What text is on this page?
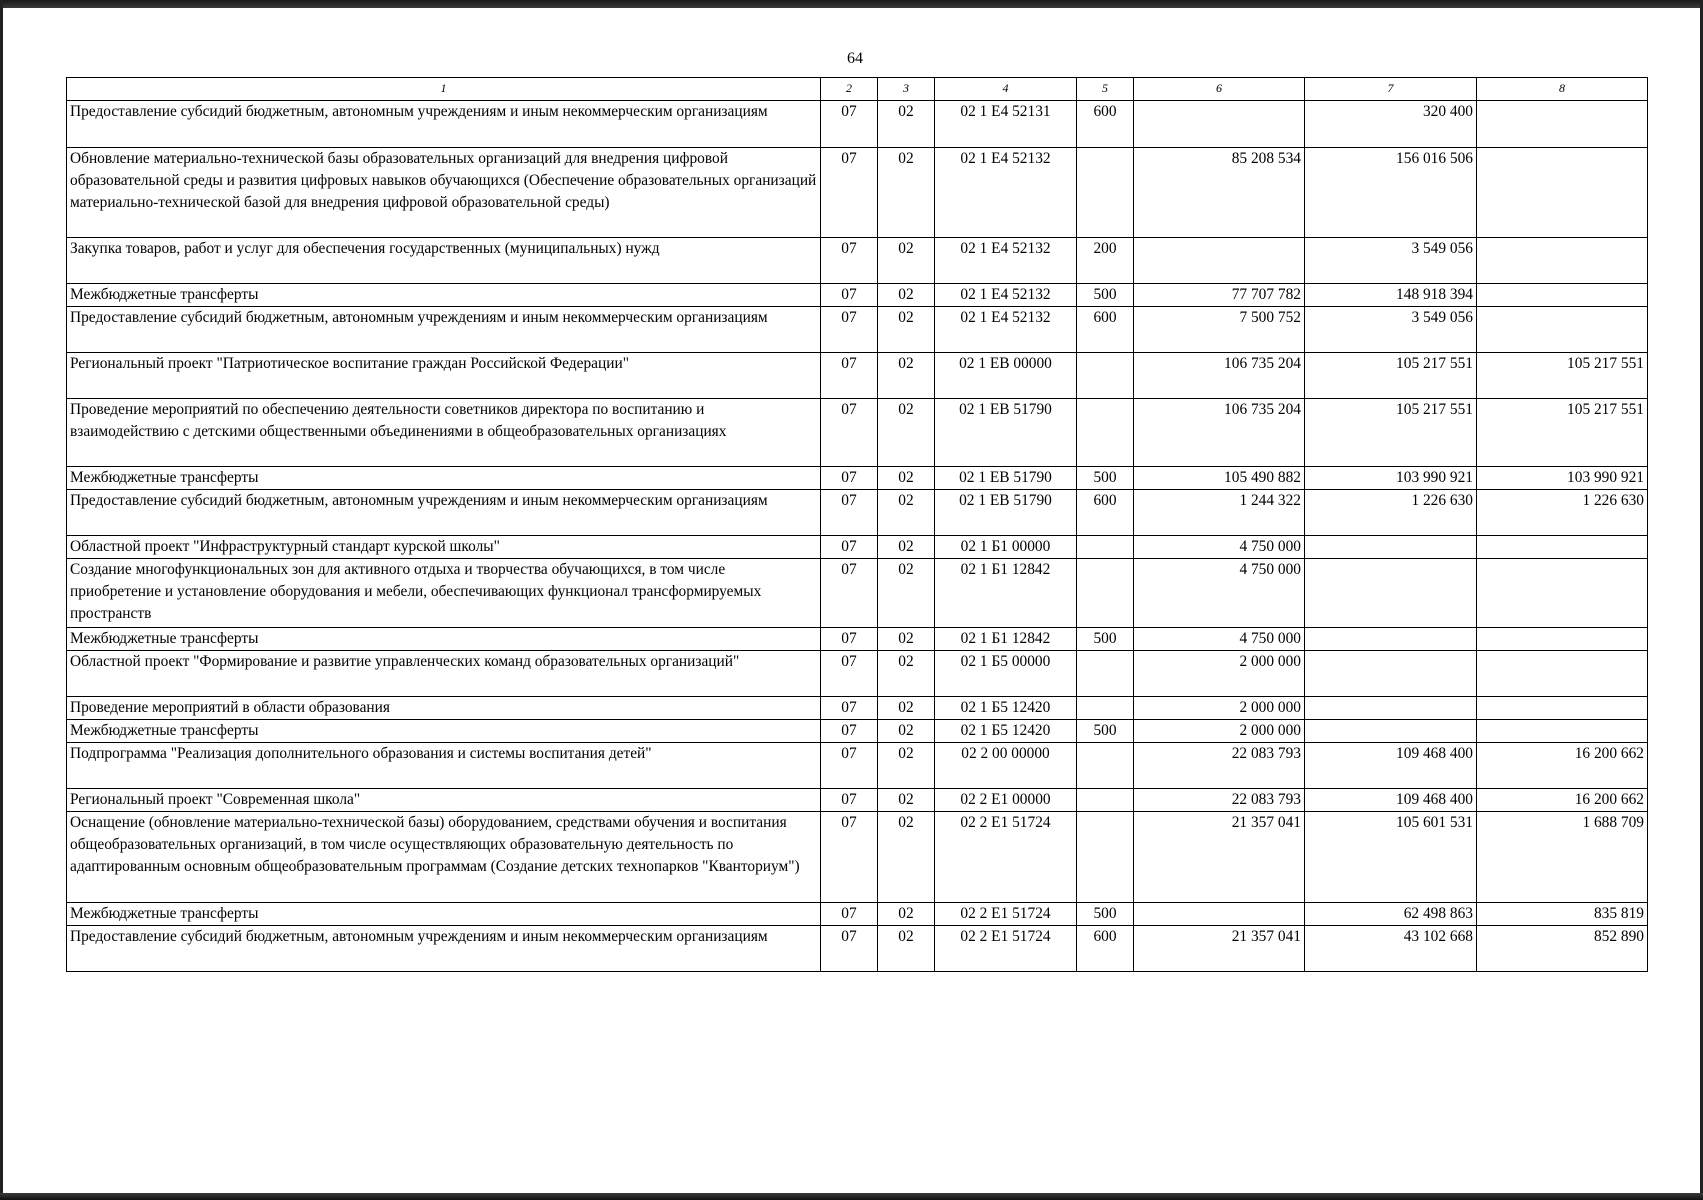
64
1	2	3	4	5	6	7	8
Предоставление субсидий бюджетным, автономным учреждениям и иным некоммерческим организациям	07	02	02 1 Е4 52131	600		320 400	
Обновление материально-технической базы образовательных организаций для внедрения цифровой образовательной среды и развития цифровых навыков обучающихся (Обеспечение образовательных организаций материально-технической базой для внедрения цифровой образовательной среды)	07	02	02 1 Е4 52132		85 208 534	156 016 506	
Закупка товаров, работ и услуг для обеспечения государственных (муниципальных) нужд	07	02	02 1 Е4 52132	200		3 549 056	
Межбюджетные трансферты	07	02	02 1 Е4 52132	500	77 707 782	148 918 394	
Предоставление субсидий бюджетным, автономным учреждениям и иным некоммерческим организациям	07	02	02 1 Е4 52132	600	7 500 752	3 549 056	
Региональный проект "Патриотическое воспитание граждан Российской Федерации"	07	02	02 1 ЕВ 00000		106 735 204	105 217 551	105 217 551
Проведение мероприятий по обеспечению деятельности советников директора по воспитанию и взаимодействию с детскими общественными объединениями в общеобразовательных организациях	07	02	02 1 ЕВ 51790		106 735 204	105 217 551	105 217 551
Межбюджетные трансферты	07	02	02 1 ЕВ 51790	500	105 490 882	103 990 921	103 990 921
Предоставление субсидий бюджетным, автономным учреждениям и иным некоммерческим организациям	07	02	02 1 ЕВ 51790	600	1 244 322	1 226 630	1 226 630
Областной проект "Инфраструктурный стандарт курской школы"	07	02	02 1 Б1 00000		4 750 000		
Создание многофункциональных зон для активного отдыха и творчества обучающихся, в том числе приобретение и установление оборудования и мебели, обеспечивающих функционал трансформируемых пространств	07	02	02 1 Б1 12842		4 750 000		
Межбюджетные трансферты	07	02	02 1 Б1 12842	500	4 750 000		
Областной проект "Формирование и развитие управленческих команд образовательных организаций"	07	02	02 1 Б5 00000		2 000 000		
Проведение мероприятий в области образования	07	02	02 1 Б5 12420		2 000 000		
Межбюджетные трансферты	07	02	02 1 Б5 12420	500	2 000 000		
Подпрограмма "Реализация дополнительного образования и системы воспитания детей"	07	02	02 2 00 00000		22 083 793	109 468 400	16 200 662
Региональный проект "Современная школа"	07	02	02 2 Е1 00000		22 083 793	109 468 400	16 200 662
Оснащение (обновление материально-технической базы) оборудованием, средствами обучения и воспитания общеобразовательных организаций, в том числе осуществляющих образовательную деятельность по адаптированным основным общеобразовательным программам (Создание детских технопарков "Кванториум")	07	02	02 2 Е1 51724		21 357 041	105 601 531	1 688 709
Межбюджетные трансферты	07	02	02 2 Е1 51724	500		62 498 863	835 819
Предоставление субсидий бюджетным, автономным учреждениям и иным некоммерческим организациям	07	02	02 2 Е1 51724	600	21 357 041	43 102 668	852 890
